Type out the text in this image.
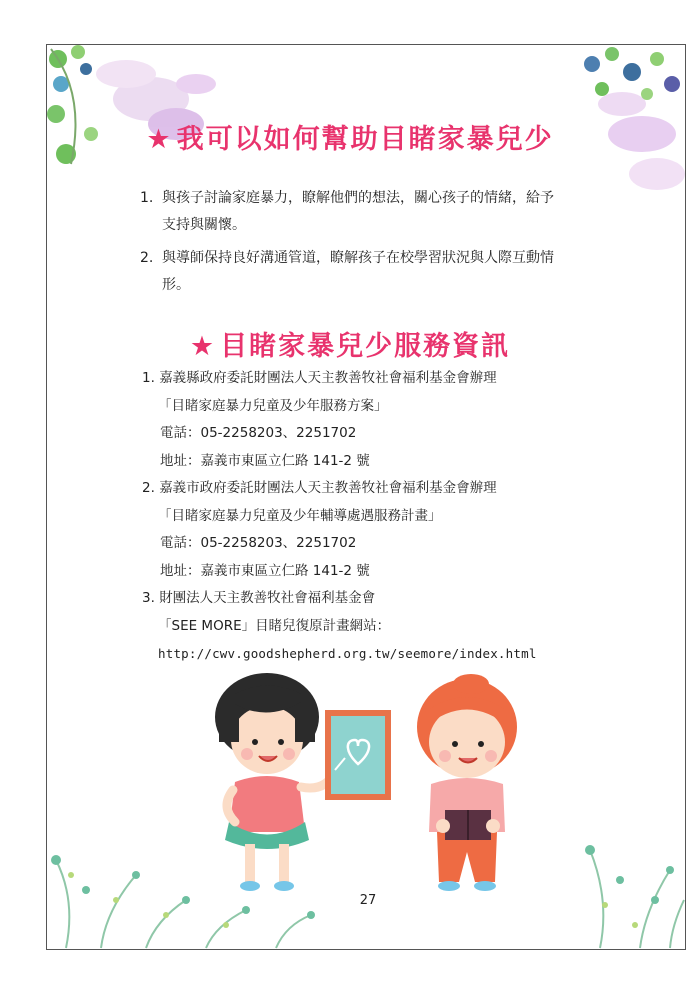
★ 我可以如何幫助目睹家暴兒少
1. 與孩子討論家庭暴力，瞭解他們的想法，關心孩子的情緒，給予
支持與關懷。
2. 與導師保持良好溝通管道，瞭解孩子在校學習狀況與人際互動情
形。
★ 目睹家暴兒少服務資訊
1. 嘉義縣政府委託財團法人天主教善牧社會福利基金會辦理
「目睹家庭暴力兒童及少年服務方案」
電話：05-2258203、2251702
地址：嘉義市東區立仁路 141-2 號
2. 嘉義市政府委託財團法人天主教善牧社會福利基金會辦理
「目睹家庭暴力兒童及少年輔導處遇服務計畫」
電話：05-2258203、2251702
地址：嘉義市東區立仁路 141-2 號
3. 財團法人天主教善牧社會福利基金會
「SEE MORE」目睹兒復原計畫網站：
http://cwv.goodshepherd.org.tw/seemore/index.html
27
